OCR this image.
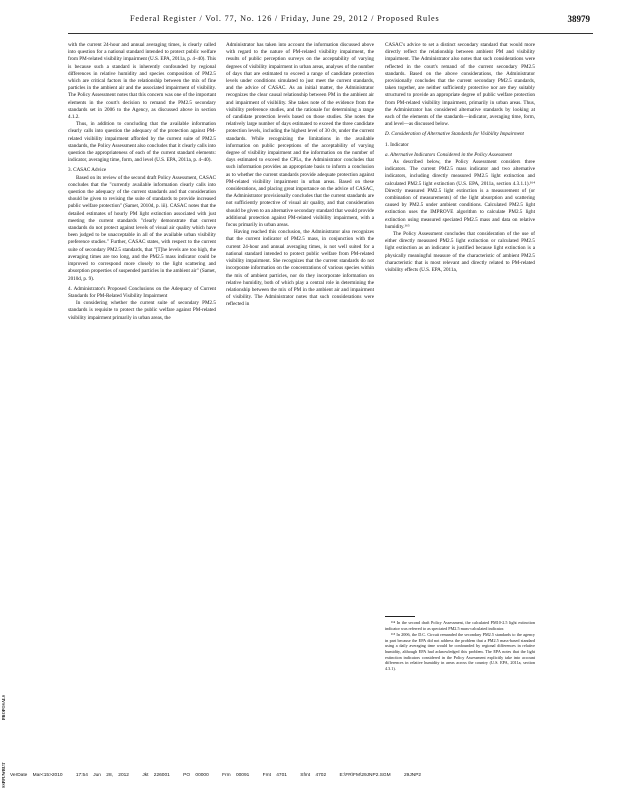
Federal Register / Vol. 77, No. 126 / Friday, June 29, 2012 / Proposed Rules	38979

with the current 24-hour and annual averaging times, is clearly called into question for a national standard intended to protect public welfare from PM-related visibility impairment (U.S. EPA, 2011a, p. 4–40). This is because such a standard is inherently confounded by regional differences in relative humidity and species composition of PM2.5 which are critical factors in the relationship between the mix of fine particles in the ambient air and the associated impairment of visibility. The Policy Assessment notes that this concern was one of the important elements in the court's decision to remand the PM2.5 secondary standards set in 2006 to the Agency, as discussed above in section 4.1.2.

Thus, in addition to concluding that the available information clearly calls into question the adequacy of the protection against PM-related visibility impairment afforded by the current suite of PM2.5 standards, the Policy Assessment also concludes that it clearly calls into question the appropriateness of each of the current standard elements: indicator, averaging time, form, and level (U.S. EPA, 2011a, p. 4–40).

3. CASAC Advice

Based on its review of the second draft Policy Assessment, CASAC concludes that the "currently available information clearly calls into question the adequacy of the current standards and that consideration should be given to revising the suite of standards to provide increased public welfare protection" (Samet, 2010d, p. iii). CASAC notes that the detailed estimates of hourly PM light extinction associated with just meeting the current standards "clearly demonstrate that current standards do not protect against levels of visual air quality which have been judged to be unacceptable in all of the available urban visibility preference studies." Further, CASAC states, with respect to the current suite of secondary PM2.5 standards, that "[T]he levels are too high, the averaging times are too long, and the PM2.5 mass indicator could be improved to correspond more closely to the light scattering and absorption properties of suspended particles in the ambient air" (Samet, 2010d, p. 9).

4. Administrator's Proposed Conclusions on the Adequacy of Current Standards for PM-Related Visibility Impairment

In considering whether the current suite of secondary PM2.5 standards is requisite to protect the public welfare against PM-related visibility impairment primarily in urban areas, the

Administrator has taken into account the information discussed above with regard to the nature of PM-related visibility impairment, the results of public perception surveys on the acceptability of varying degrees of visibility impairment in urban areas, analyses of the number of days that are estimated to exceed a range of candidate protection levels under conditions simulated to just meet the current standards, and the advice of CASAC. As an initial matter, the Administrator recognizes the clear causal relationship between PM in the ambient air and impairment of visibility. She takes note of the evidence from the visibility preference studies, and the rationale for determining a range of candidate protection levels based on those studies. She notes the relatively large number of days estimated to exceed the three candidate protection levels, including the highest level of 30 dv, under the current standards. While recognizing the limitations in the available information on public perceptions of the acceptability of varying degree of visibility impairment and the information on the number of days estimated to exceed the CPLs, the Administrator concludes that such information provides an appropriate basis to inform a conclusion as to whether the current standards provide adequate protection against PM-related visibility impairment in urban areas. Based on these considerations, and placing great importance on the advice of CASAC, the Administrator provisionally concludes that the current standards are not sufficiently protective of visual air quality, and that consideration should be given to an alternative secondary standard that would provide additional protection against PM-related visibility impairment, with a focus primarily in urban areas.

Having reached this conclusion, the Administrator also recognizes that the current indicator of PM2.5 mass, in conjunction with the current 24-hour and annual averaging times, is not well suited for a national standard intended to protect public welfare from PM-related visibility impairment. She recognizes that the current standards do not incorporate information on the concentrations of various species within the mix of ambient particles, nor do they incorporate information on relative humidity, both of which play a central role in determining the relationship between the mix of PM in the ambient air and impairment of visibility. The Administrator notes that such considerations were reflected in

CASAC's advice to set a distinct secondary standard that would more directly reflect the relationship between ambient PM and visibility impairment. The Administrator also notes that such considerations were reflected in the court's remand of the current secondary PM2.5 standards. Based on the above considerations, the Administrator provisionally concludes that the current secondary PM2.5 standards, taken together, are neither sufficiently protective nor are they suitably structured to provide an appropriate degree of public welfare protection from PM-related visibility impairment, primarily in urban areas. Thus, the Administrator has considered alternative standards by looking at each of the elements of the standards—indicator, averaging time, form, and level—as discussed below.

D. Consideration of Alternative Standards for Visibility Impairment

1. Indicator

a. Alternative Indicators Considered in the Policy Assessment

As described below, the Policy Assessment considers three indicators. The current PM2.5 mass indicator and two alternative indicators, including directly measured PM2.5 light extinction and calculated PM2.5 light extinction (U.S. EPA, 2011a, section 4.3.1.1).¹⁶⁴ Directly measured PM2.5 light extinction is a measurement of (or combination of measurements) of the light absorption and scattering caused by PM2.5 under ambient conditions. Calculated PM2.5 light extinction uses the IMPROVE algorithm to calculate PM2.5 light extinction using measured speciated PM2.5 mass and data on relative humidity.¹⁶⁵

The Policy Assessment concludes that consideration of the use of either directly measured PM2.5 light extinction or calculated PM2.5 light extinction as an indicator is justified because light extinction is a physically meaningful measure of the characteristic of ambient PM2.5 characteristic that is most relevant and directly related to PM-related visibility effects (U.S. EPA, 2011a,

¹⁶⁴ In the second draft Policy Assessment, the calculated PM10-2.5 light extinction indicator was referred to as speciated PM2.5 mass-calculated indicator.

¹⁶⁵ In 2006, the D.C. Circuit remanded the secondary PM2.5 standards to the agency in part because the EPA did not address the problem that a PM2.5 mass-based standard using a daily averaging time would be confounded by regional differences in relative humidity, although EPA had acknowledged this problem. The EPA notes that the light extinction indicators considered in the Policy Assessment explicitly take into account differences in relative humidity in areas across the country (U.S. EPA, 2011a, section 4.3.1).

PROPOSALS
SSPPUWBUT VerDate Mar<15>2010	17:54 Jun 28, 2012	Jkt 226001	PO 00000	Frm 00091	Fmt 4701	Sfmt 4702	E:\FR\FM\29JNP2.SGM	29JNP2
